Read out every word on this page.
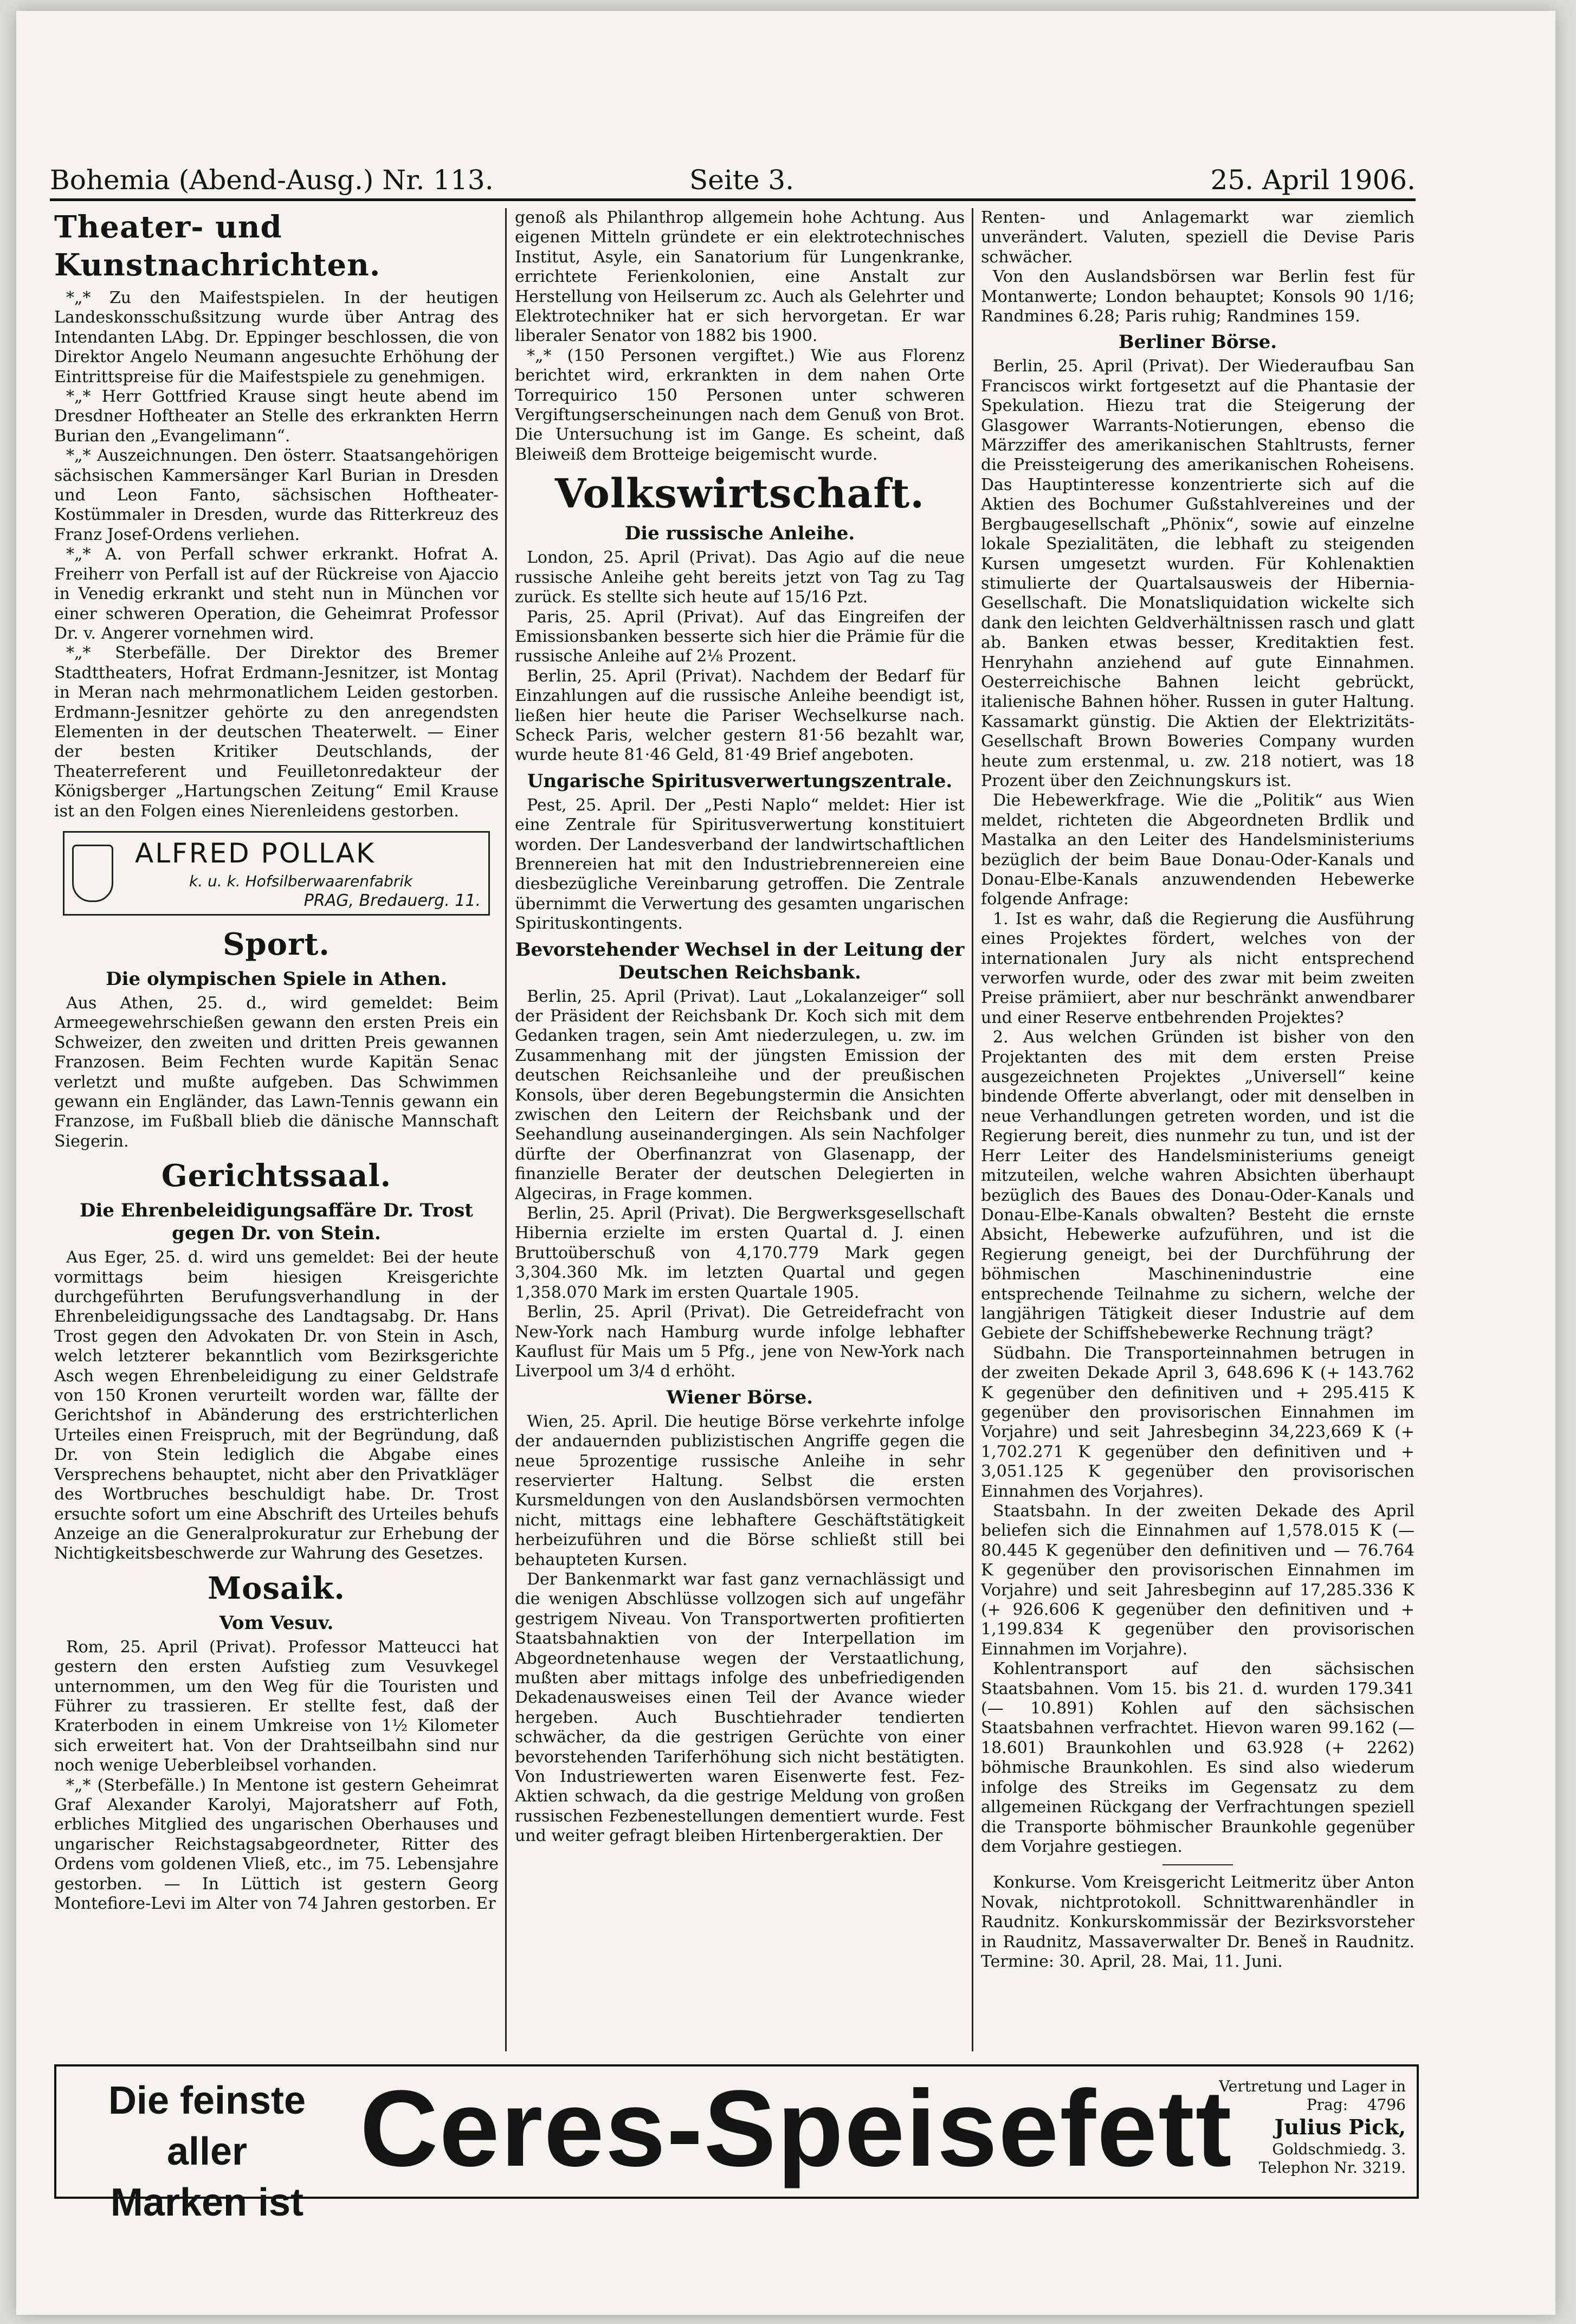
Bohemia (Abend-Ausg.) Nr. 113.	Seite 3.	25. April 1906.
Theater- und Kunstnachrichten.

*„* Zu den Maifestspielen. In der heutigen Landeskonsschußsitzung wurde über Antrag des Intendanten LAbg. Dr. Eppinger beschlossen, die von Direktor Angelo Neumann angesuchte Erhöhung der Eintrittspreise für die Maifestspiele zu genehmigen.

*„* Herr Gottfried Krause singt heute abend im Dresdner Hoftheater an Stelle des erkrankten Herrn Burian den „Evangelimann“.

*„* Auszeichnungen. Den österr. Staatsangehörigen sächsischen Kammersänger Karl Burian in Dresden und Leon Fanto, sächsischen Hoftheater-Kostümmaler in Dresden, wurde das Ritterkreuz des Franz Josef-Ordens verliehen.

*„* A. von Perfall schwer erkrankt. Hofrat A. Freiherr von Perfall ist auf der Rückreise von Ajaccio in Venedig erkrankt und steht nun in München vor einer schweren Operation, die Geheimrat Professor Dr. v. Angerer vornehmen wird.

*„* Sterbefälle. Der Direktor des Bremer Stadttheaters, Hofrat Erdmann-Jesnitzer, ist Montag in Meran nach mehrmonatlichem Leiden gestorben. Erdmann-Jesnitzer gehörte zu den anregendsten Elementen in der deutschen Theaterwelt. — Einer der besten Kritiker Deutschlands, der Theaterreferent und Feuilletonredakteur der Königsberger „Hartungschen Zeitung“ Emil Krause ist an den Folgen eines Nierenleidens gestorben.

ALFRED POLLAK
k. u. k. Hofsilberwaarenfabrik
PRAG, Bredauerg. 11.
Sport.
Die olympischen Spiele in Athen.

Aus Athen, 25. d., wird gemeldet: Beim Armeegewehrschießen gewann den ersten Preis ein Schweizer, den zweiten und dritten Preis gewannen Franzosen. Beim Fechten wurde Kapitän Senac verletzt und mußte aufgeben. Das Schwimmen gewann ein Engländer, das Lawn-Tennis gewann ein Franzose, im Fußball blieb die dänische Mannschaft Siegerin.

Gerichtssaal.
Die Ehrenbeleidigungsaffäre Dr. Trost gegen Dr. von Stein.

Aus Eger, 25. d. wird uns gemeldet: Bei der heute vormittags beim hiesigen Kreisgerichte durchgeführten Berufungsverhandlung in der Ehrenbeleidigungssache des Landtagsabg. Dr. Hans Trost gegen den Advokaten Dr. von Stein in Asch, welch letzterer bekanntlich vom Bezirksgerichte Asch wegen Ehrenbeleidigung zu einer Geldstrafe von 150 Kronen verurteilt worden war, fällte der Gerichtshof in Abänderung des erstrichterlichen Urteiles einen Freispruch, mit der Begründung, daß Dr. von Stein lediglich die Abgabe eines Versprechens behauptet, nicht aber den Privatkläger des Wortbruches beschuldigt habe. Dr. Trost ersuchte sofort um eine Abschrift des Urteiles behufs Anzeige an die Generalprokuratur zur Erhebung der Nichtigkeitsbeschwerde zur Wahrung des Gesetzes.

Mosaik.
Vom Vesuv.

Rom, 25. April (Privat). Professor Matteucci hat gestern den ersten Aufstieg zum Vesuvkegel unternommen, um den Weg für die Touristen und Führer zu trassieren. Er stellte fest, daß der Kraterboden in einem Umkreise von 1½ Kilometer sich erweitert hat. Von der Drahtseilbahn sind nur noch wenige Ueberbleibsel vorhanden.

*„* (Sterbefälle.) In Mentone ist gestern Geheimrat Graf Alexander Karolyi, Majoratsherr auf Foth, erbliches Mitglied des ungarischen Oberhauses und ungarischer Reichstagsabgeordneter, Ritter des Ordens vom goldenen Vließ, etc., im 75. Lebensjahre gestorben. — In Lüttich ist gestern Georg Montefiore-Levi im Alter von 74 Jahren gestorben. Er

genoß als Philanthrop allgemein hohe Achtung. Aus eigenen Mitteln gründete er ein elektrotechnisches Institut, Asyle, ein Sanatorium für Lungenkranke, errichtete Ferienkolonien, eine Anstalt zur Herstellung von Heilserum zc. Auch als Gelehrter und Elektrotechniker hat er sich hervorgetan. Er war liberaler Senator von 1882 bis 1900.

*„* (150 Personen vergiftet.) Wie aus Florenz berichtet wird, erkrankten in dem nahen Orte Torrequirico 150 Personen unter schweren Vergiftungserscheinungen nach dem Genuß von Brot. Die Untersuchung ist im Gange. Es scheint, daß Bleiweiß dem Brotteige beigemischt wurde.

Volkswirtschaft.
Die russische Anleihe.

London, 25. April (Privat). Das Agio auf die neue russische Anleihe geht bereits jetzt von Tag zu Tag zurück. Es stellte sich heute auf 15/16 Pzt.

Paris, 25. April (Privat). Auf das Eingreifen der Emissionsbanken besserte sich hier die Prämie für die russische Anleihe auf 2⅛ Prozent.

Berlin, 25. April (Privat). Nachdem der Bedarf für Einzahlungen auf die russische Anleihe beendigt ist, ließen hier heute die Pariser Wechselkurse nach. Scheck Paris, welcher gestern 81·56 bezahlt war, wurde heute 81·46 Geld, 81·49 Brief angeboten.

Ungarische Spiritusverwertungszentrale.

Pest, 25. April. Der „Pesti Naplo“ meldet: Hier ist eine Zentrale für Spiritusverwertung konstituiert worden. Der Landesverband der landwirtschaftlichen Brennereien hat mit den Industriebrennereien eine diesbezügliche Vereinbarung getroffen. Die Zentrale übernimmt die Verwertung des gesamten ungarischen Spirituskontingents.

Bevorstehender Wechsel in der Leitung der Deutschen Reichsbank.

Berlin, 25. April (Privat). Laut „Lokalanzeiger“ soll der Präsident der Reichsbank Dr. Koch sich mit dem Gedanken tragen, sein Amt niederzulegen, u. zw. im Zusammenhang mit der jüngsten Emission der deutschen Reichsanleihe und der preußischen Konsols, über deren Begebungstermin die Ansichten zwischen den Leitern der Reichsbank und der Seehandlung auseinandergingen. Als sein Nachfolger dürfte der Oberfinanzrat von Glasenapp, der finanzielle Berater der deutschen Delegierten in Algeciras, in Frage kommen.

Berlin, 25. April (Privat). Die Bergwerksgesellschaft Hibernia erzielte im ersten Quartal d. J. einen Bruttoüberschuß von 4,170.779 Mark gegen 3,304.360 Mk. im letzten Quartal und gegen 1,358.070 Mark im ersten Quartale 1905.

Berlin, 25. April (Privat). Die Getreidefracht von New-York nach Hamburg wurde infolge lebhafter Kauflust für Mais um 5 Pfg., jene von New-York nach Liverpool um 3/4 d erhöht.

Wiener Börse.

Wien, 25. April. Die heutige Börse verkehrte infolge der andauernden publizistischen Angriffe gegen die neue 5prozentige russische Anleihe in sehr reservierter Haltung. Selbst die ersten Kursmeldungen von den Auslandsbörsen vermochten nicht, mittags eine lebhaftere Geschäftstätigkeit herbeizuführen und die Börse schließt still bei behaupteten Kursen.

Der Bankenmarkt war fast ganz vernachlässigt und die wenigen Abschlüsse vollzogen sich auf ungefähr gestrigem Niveau. Von Transportwerten profitierten Staatsbahnaktien von der Interpellation im Abgeordnetenhause wegen der Verstaatlichung, mußten aber mittags infolge des unbefriedigenden Dekadenausweises einen Teil der Avance wieder hergeben. Auch Buschtiehrader tendierten schwächer, da die gestrigen Gerüchte von einer bevorstehenden Tariferhöhung sich nicht bestätigten. Von Industriewerten waren Eisenwerte fest. Fez-Aktien schwach, da die gestrige Meldung von großen russischen Fezbenestellungen dementiert wurde. Fest und weiter gefragt bleiben Hirtenbergeraktien. Der

Renten- und Anlagemarkt war ziemlich unverändert. Valuten, speziell die Devise Paris schwächer.

Von den Auslandsbörsen war Berlin fest für Montanwerte; London behauptet; Konsols 90 1/16; Randmines 6.28; Paris ruhig; Randmines 159.

Berliner Börse.

Berlin, 25. April (Privat). Der Wiederaufbau San Franciscos wirkt fortgesetzt auf die Phantasie der Spekulation. Hiezu trat die Steigerung der Glasgower Warrants-Notierungen, ebenso die Märzziffer des amerikanischen Stahltrusts, ferner die Preissteigerung des amerikanischen Roheisens. Das Hauptinteresse konzentrierte sich auf die Aktien des Bochumer Gußstahlvereines und der Bergbaugesellschaft „Phönix“, sowie auf einzelne lokale Spezialitäten, die lebhaft zu steigenden Kursen umgesetzt wurden. Für Kohlenaktien stimulierte der Quartalsausweis der Hibernia-Gesellschaft. Die Monatsliquidation wickelte sich dank den leichten Geldverhältnissen rasch und glatt ab. Banken etwas besser, Kreditaktien fest. Henryhahn anziehend auf gute Einnahmen. Oesterreichische Bahnen leicht gebrückt, italienische Bahnen höher. Russen in guter Haltung. Kassamarkt günstig. Die Aktien der Elektrizitäts-Gesellschaft Brown Boweries Company wurden heute zum erstenmal, u. zw. 218 notiert, was 18 Prozent über den Zeichnungskurs ist.

Die Hebewerkfrage. Wie die „Politik“ aus Wien meldet, richteten die Abgeordneten Brdlik und Mastalka an den Leiter des Handelsministeriums bezüglich der beim Baue Donau-Oder-Kanals und Donau-Elbe-Kanals anzuwendenden Hebewerke folgende Anfrage:

1. Ist es wahr, daß die Regierung die Ausführung eines Projektes fördert, welches von der internationalen Jury als nicht entsprechend verworfen wurde, oder des zwar mit beim zweiten Preise prämiiert, aber nur beschränkt anwendbarer und einer Reserve entbehrenden Projektes?

2. Aus welchen Gründen ist bisher von den Projektanten des mit dem ersten Preise ausgezeichneten Projektes „Universell“ keine bindende Offerte abverlangt, oder mit denselben in neue Verhandlungen getreten worden, und ist die Regierung bereit, dies nunmehr zu tun, und ist der Herr Leiter des Handelsministeriums geneigt mitzuteilen, welche wahren Absichten überhaupt bezüglich des Baues des Donau-Oder-Kanals und Donau-Elbe-Kanals obwalten? Besteht die ernste Absicht, Hebewerke aufzuführen, und ist die Regierung geneigt, bei der Durchführung der böhmischen Maschinenindustrie eine entsprechende Teilnahme zu sichern, welche der langjährigen Tätigkeit dieser Industrie auf dem Gebiete der Schiffshebewerke Rechnung trägt?

Südbahn. Die Transporteinnahmen betrugen in der zweiten Dekade April 3, 648.696 K (+ 143.762 K gegenüber den definitiven und + 295.415 K gegenüber den provisorischen Einnahmen im Vorjahre) und seit Jahresbeginn 34,223,669 K (+ 1,702.271 K gegenüber den definitiven und + 3,051.125 K gegenüber den provisorischen Einnahmen des Vorjahres).

Staatsbahn. In der zweiten Dekade des April beliefen sich die Einnahmen auf 1,578.015 K (— 80.445 K gegenüber den definitiven und — 76.764 K gegenüber den provisorischen Einnahmen im Vorjahre) und seit Jahresbeginn auf 17,285.336 K (+ 926.606 K gegenüber den definitiven und + 1,199.834 K gegenüber den provisorischen Einnahmen im Vorjahre).

Kohlentransport auf den sächsischen Staatsbahnen. Vom 15. bis 21. d. wurden 179.341 (— 10.891) Kohlen auf den sächsischen Staatsbahnen verfrachtet. Hievon waren 99.162 (— 18.601) Braunkohlen und 63.928 (+ 2262) böhmische Braunkohlen. Es sind also wiederum infolge des Streiks im Gegensatz zu dem allgemeinen Rückgang der Verfrachtungen speziell die Transporte böhmischer Braunkohle gegenüber dem Vorjahre gestiegen.

Konkurse. Vom Kreisgericht Leitmeritz über Anton Novak, nichtprotokoll. Schnittwarenhändler in Raudnitz. Konkurskommissär der Bezirksvorsteher in Raudnitz, Massaverwalter Dr. Beneš in Raudnitz. Termine: 30. April, 28. Mai, 11. Juni.

Die feinste aller
Marken ist
Ceres-Speisefett
Vertretung und Lager in
Prag: 4796
Julius Pick,
Goldschmiedg. 3.
Telephon Nr. 3219.
